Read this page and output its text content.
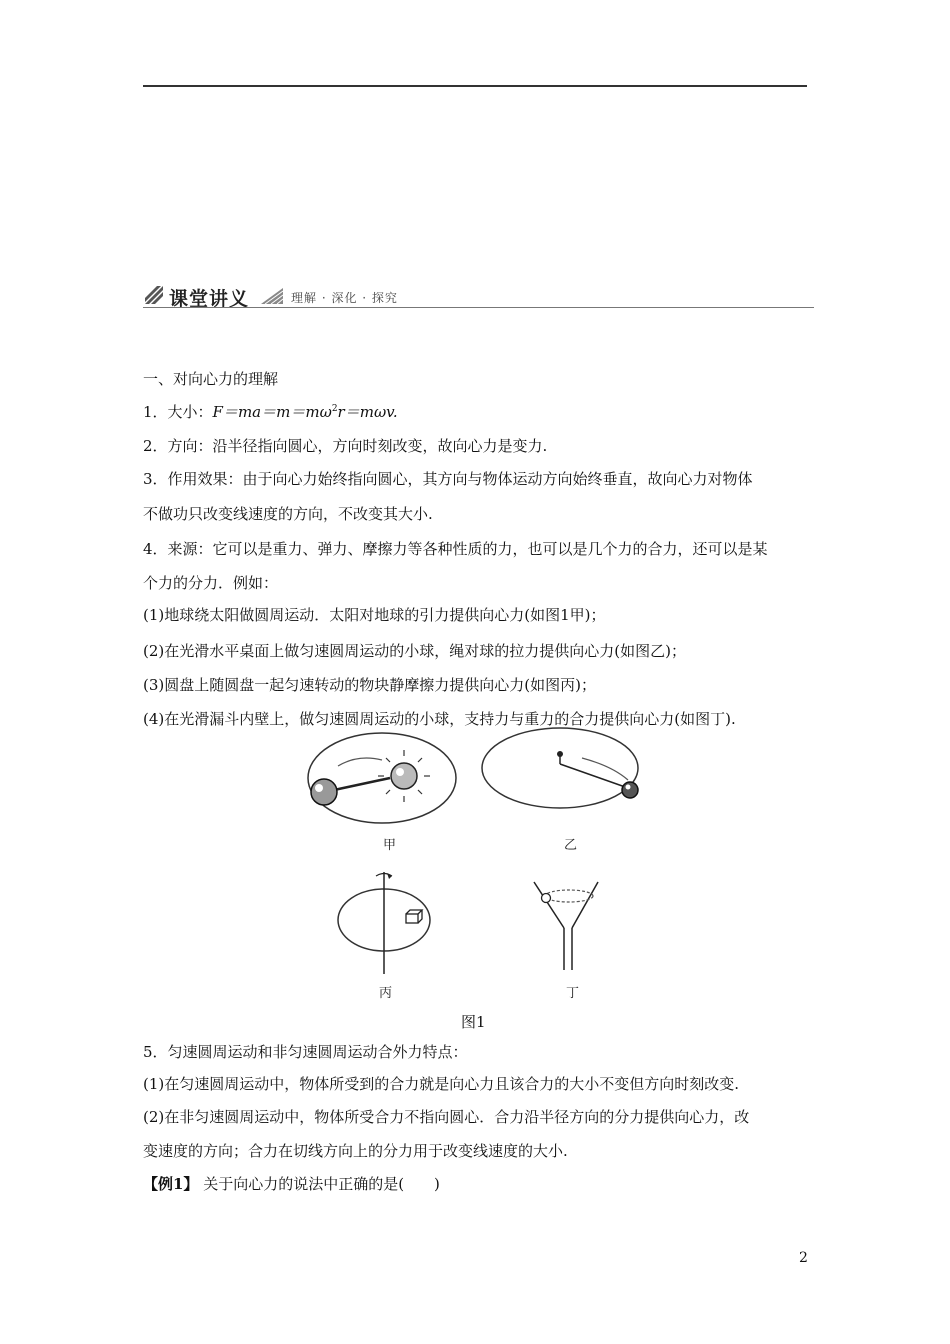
课堂讲义	理解 · 深化 · 探究
一、对向心力的理解
1．大小：$F=ma=m=m\omega^2r=m\omega v$.
2．方向：沿半径指向圆心，方向时刻改变，故向心力是变力.
3．作用效果：由于向心力始终指向圆心，其方向与物体运动方向始终垂直，故向心力对物体
不做功只改变线速度的方向，不改变其大小.
4．来源：它可以是重力、弹力、摩擦力等各种性质的力，也可以是几个力的合力，还可以是某
个力的分力．例如：
(1)地球绕太阳做圆周运动．太阳对地球的引力提供向心力(如图1甲)；
(2)在光滑水平桌面上做匀速圆周运动的小球，绳对球的拉力提供向心力(如图乙)；
(3)圆盘上随圆盘一起匀速转动的物块静摩擦力提供向心力(如图丙)；
(4)在光滑漏斗内壁上，做匀速圆周运动的小球，支持力与重力的合力提供向心力(如图丁).
甲	乙
丙	丁
图1
5．匀速圆周运动和非匀速圆周运动合外力特点：
(1)在匀速圆周运动中，物体所受到的合力就是向心力且该合力的大小不变但方向时刻改变.
(2)在非匀速圆周运动中，物体所受合力不指向圆心．合力沿半径方向的分力提供向心力，改
变速度的方向；合力在切线方向上的分力用于改变线速度的大小.
【例1】 关于向心力的说法中正确的是(　　)
2
